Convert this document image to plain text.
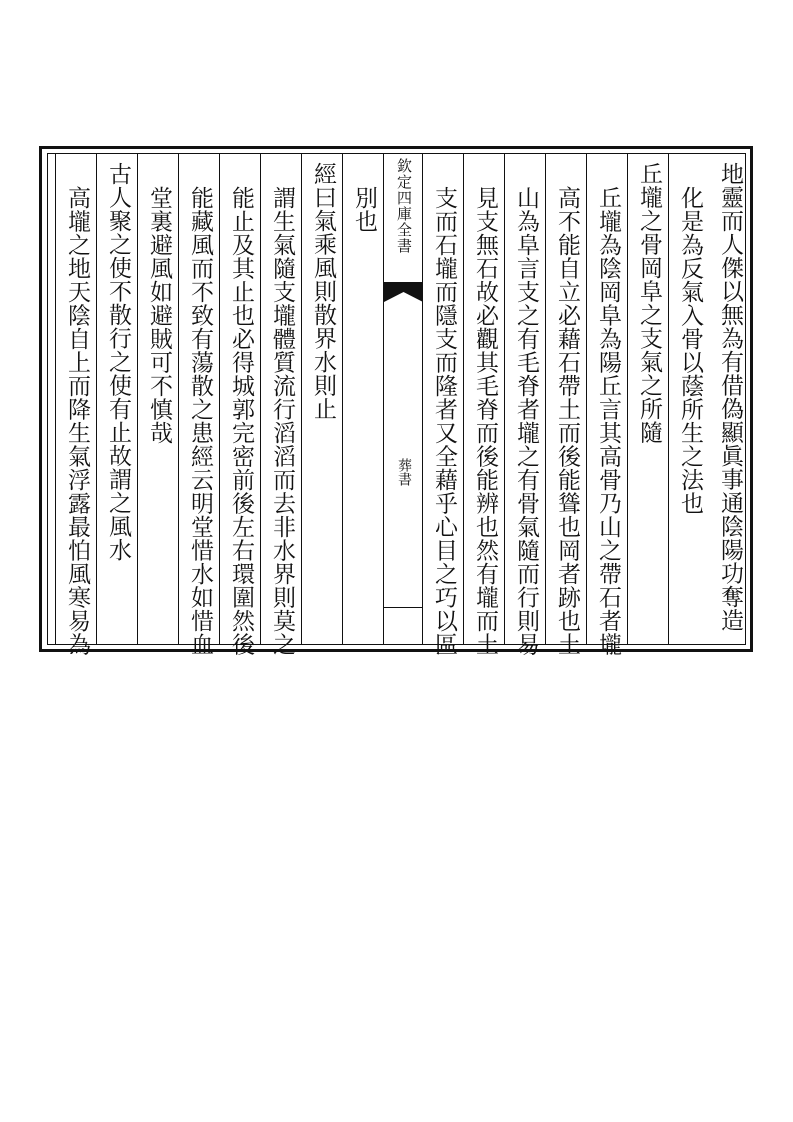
地靈而人傑以無為有借偽顯眞事通陰陽功奪造
化是為反氣入骨以蔭所生之法也
丘壠之骨岡阜之支氣之所隨
丘壠為陰岡阜為陽丘言其高骨乃山之帶石者壠
高不能自立必藉石帶土而後能聳也岡者跡也土
山為阜言支之有毛脊者壠之有骨氣隨而行則易
見支無石故必觀其毛脊而後能辨也然有壠而土
支而石壠而隱支而隆者又全藉乎心目之巧以區
欽定四庫全書
葬書
別也
經曰氣乘風則散界水則止
謂生氣隨支壠體質流行滔滔而去非水界則莫之
能止及其止也必得城郭完密前後左右環圍然後
能藏風而不致有蕩散之患經云明堂惜水如惜血
堂裏避風如避賊可不慎哉
古人聚之使不散行之使有止故謂之風水
高壠之地天陰自上而降生氣浮露最怕風寒易為
